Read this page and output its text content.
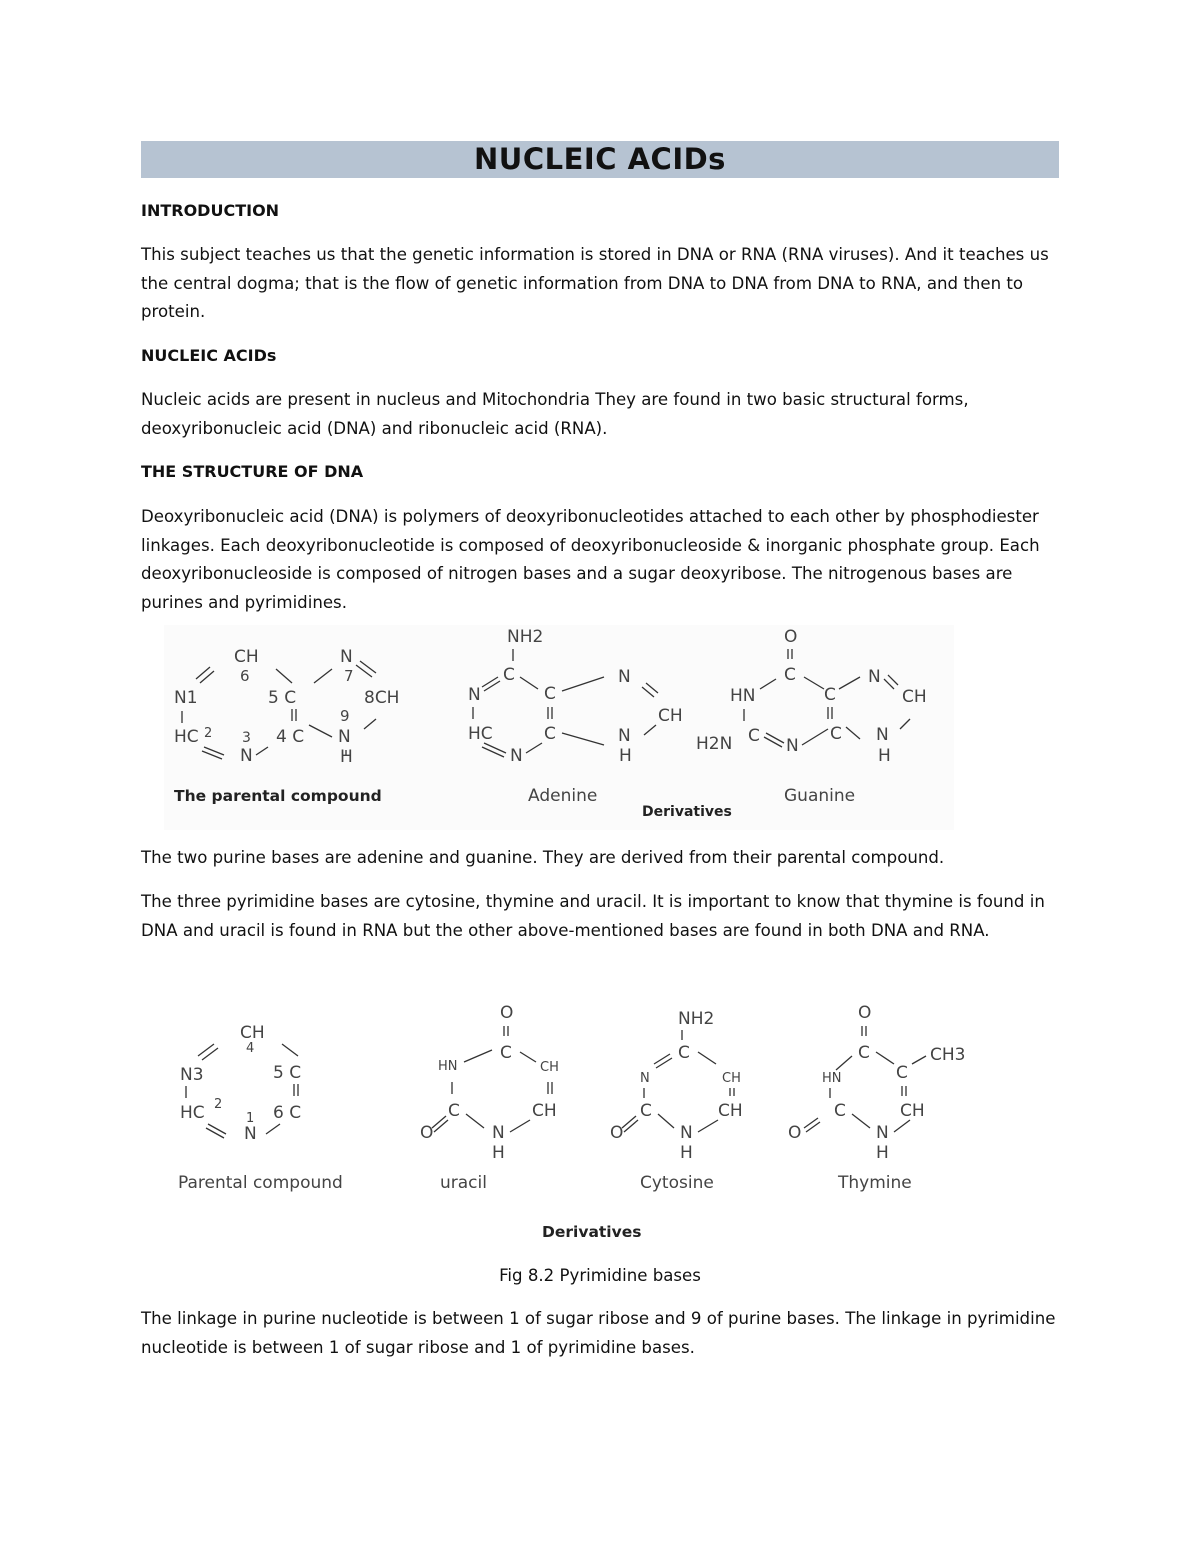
NUCLEIC ACIDs
INTRODUCTION
This subject teaches us that the genetic information is stored in DNA or RNA (RNA viruses). And it teaches us the central dogma; that is the flow of genetic information from DNA to DNA from DNA to RNA, and then to protein.
NUCLEIC ACIDs
Nucleic acids are present in nucleus and Mitochondria They are found in two basic structural forms, deoxyribonucleic acid (DNA) and ribonucleic acid (RNA).
THE STRUCTURE OF DNA
Deoxyribonucleic acid (DNA) is polymers of deoxyribonucleotides attached to each other by phosphodiester linkages. Each deoxyribonucleotide is composed of deoxyribonucleoside & inorganic phosphate group. Each deoxyribonucleoside is composed of nitrogen bases and a sugar deoxyribose. The nitrogenous bases are purines and pyrimidines.
CH
6
N
7
N1	5 C	8CH
9
HC 2 3 4 C N
N	H
The parental compound
NH2
C
N	C
N
CH
HC	C	N
N	H
Adenine
Derivatives
O
C	N
CH
HN	C
H2N C N
C N
H
Guanine
The two purine bases are adenine and guanine. They are derived from their parental compound.
The three pyrimidine bases are cytosine, thymine and uracil. It is important to know that thymine is found in DNA and uracil is found in RNA but the other above-mentioned bases are found in both DNA and RNA.
CH
4
N3	5 C
HC 2	6 C
1
N
Parental compound
O
C
HN	CH
C	CH
O	N
H
uracil
NH2
C
N	CH
C	CH
O	N
H
Cytosine
O
C
HN
CH3
C
C	CH
O	N
H
Thymine
Derivatives
Fig 8.2 Pyrimidine bases
The linkage in purine nucleotide is between 1 of sugar ribose and 9 of purine bases. The linkage in pyrimidine nucleotide is between 1 of sugar ribose and 1 of pyrimidine bases.
